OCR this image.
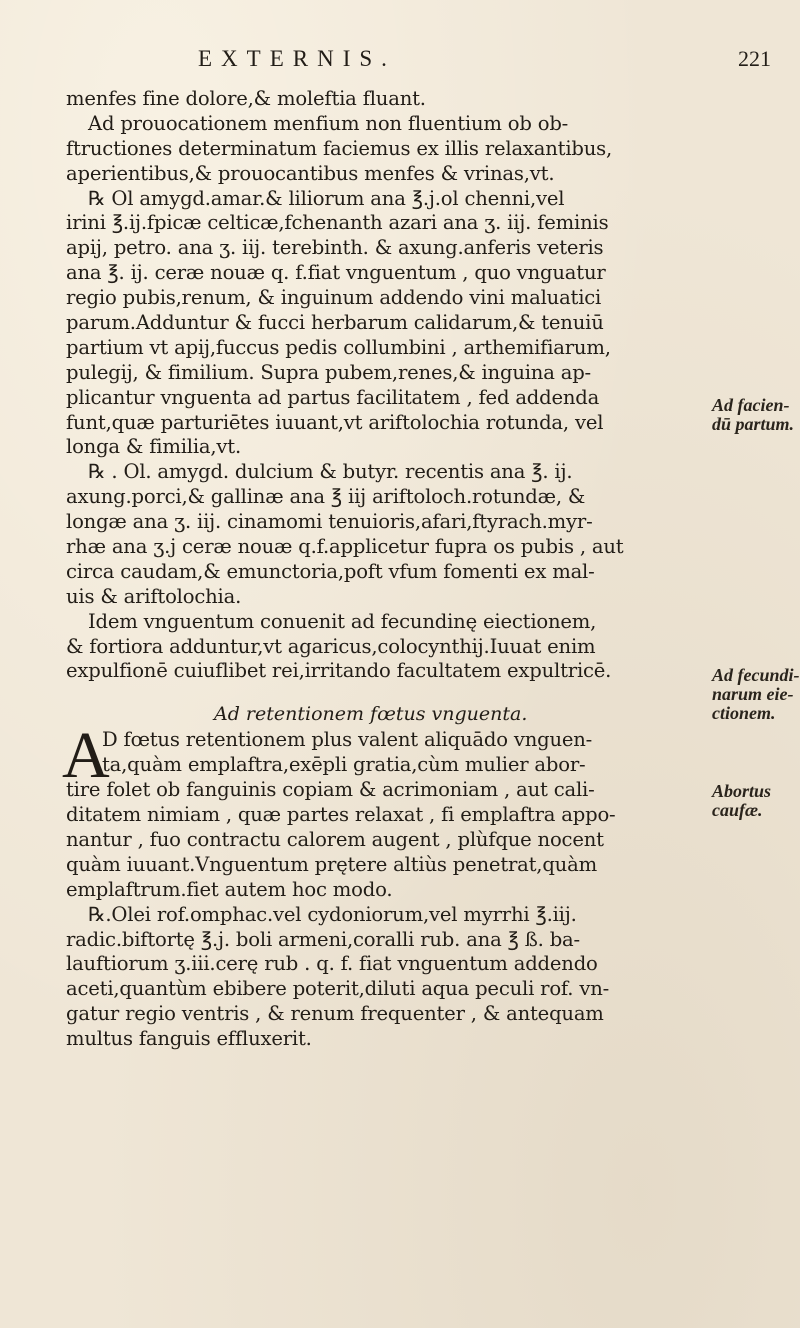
EXTERNIS.	221
menfes fine dolore,& moleftia fluant.
Ad prouocationem menfium non fluentium ob ob-
ftructiones determinatum faciemus ex illis relaxantibus,
aperientibus,& prouocantibus menfes & vrinas,vt.
℞ Ol amygd.amar.& liliorum ana ℥.j.ol chenni,vel
irini ℥.ij.fpicæ celticæ,fchenanth azari ana ʒ. iij. feminis
apij, petro. ana ʒ. iij. terebinth. & axung.anferis veteris
ana ℥. ij. ceræ nouæ q. f.fiat vnguentum , quo vnguatur
regio pubis,renum, & inguinum addendo vini maluatici
parum.Adduntur & fucci herbarum calidarum,& tenuiū
partium vt apij,fuccus pedis collumbini , arthemifiarum,
pulegij, & fimilium. Supra pubem,renes,& inguina ap-
plicantur vnguenta ad partus facilitatem , fed addenda
funt,quæ parturiētes iuuant,vt ariftolochia rotunda, vel
longa & fimilia,vt.
℞ . Ol. amygd. dulcium & butyr. recentis ana ℥. ij.
axung.porci,& gallinæ ana ℥ iij ariftoloch.rotundæ, &
longæ ana ʒ. iij. cinamomi tenuioris,afari,ftyrach.myr-
rhæ ana ʒ.j ceræ nouæ q.f.applicetur fupra os pubis , aut
circa caudam,& emunctoria,poft vfum fomenti ex mal-
uis & ariftolochia.
Idem vnguentum conuenit ad fecundinę eiectionem,
& fortiora adduntur,vt agaricus,colocynthij.Iuuat enim
expulfionē cuiuflibet rei,irritando facultatem expultricē.
Ad retentionem fœtus vnguenta.
A
D fœtus retentionem plus valent aliquādo vnguen-
ta,quàm emplaftra,exēpli gratia,cùm mulier abor-
tire folet ob fanguinis copiam & acrimoniam , aut cali-
ditatem nimiam , quæ partes relaxat , fi emplaftra appo-
nantur , fuo contractu calorem augent , plùfque nocent
quàm iuuant.Vnguentum prętere altiùs penetrat,quàm
emplaftrum.fiet autem hoc modo.
℞.Olei rof.omphac.vel cydoniorum,vel myrrhi ℥.iij.
radic.biftortę ℥.j. boli armeni,coralli rub. ana ℥ ß. ba-
lauftiorum ʒ.iii.cerę rub . q. f. fiat vnguentum addendo
aceti,quantùm ebibere poterit,diluti aqua peculi rof. vn-
gatur regio ventris , & renum frequenter , & antequam
multus fanguis effluxerit.
Ad facien-
dū partum.
Ad fecundi-
narum eie-
ctionem.
Abortus
caufæ.
